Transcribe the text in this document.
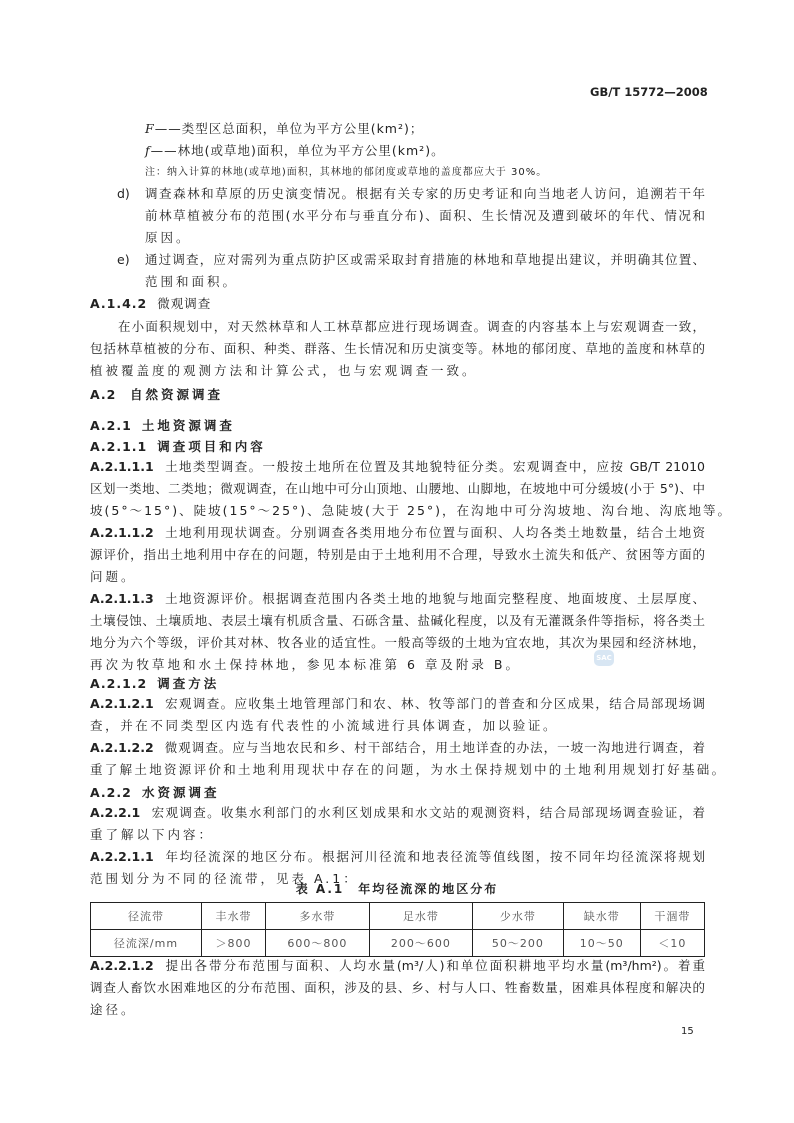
GB/T 15772—2008
F——类型区总面积，单位为平方公里(km²)；
f——林地(或草地)面积，单位为平方公里(km²)。
注：纳入计算的林地(或草地)面积，其林地的郁闭度或草地的盖度都应大于 30%。
d) 调查森林和草原的历史演变情况。根据有关专家的历史考证和向当地老人访问，追溯若干年
前林草植被分布的范围(水平分布与垂直分布)、面积、生长情况及遭到破坏的年代、情况和
原因。
e) 通过调查，应对需列为重点防护区或需采取封育措施的林地和草地提出建议，并明确其位置、
范围和面积。
A.1.4.2 微观调查
在小面积规划中，对天然林草和人工林草都应进行现场调查。调查的内容基本上与宏观调查一致，
包括林草植被的分布、面积、种类、群落、生长情况和历史演变等。林地的郁闭度、草地的盖度和林草的
植被覆盖度的观测方法和计算公式，也与宏观调查一致。
A.2 自然资源调查
A.2.1 土地资源调查
A.2.1.1 调查项目和内容
A.2.1.1.1 土地类型调查。一般按土地所在位置及其地貌特征分类。宏观调查中，应按 GB/T 21010
区划一类地、二类地；微观调查，在山地中可分山顶地、山腰地、山脚地，在坡地中可分缓坡(小于 5°)、中
坡(5°～15°)、陡坡(15°～25°)、急陡坡(大于 25°)，在沟地中可分沟坡地、沟台地、沟底地等。
A.2.1.1.2 土地利用现状调查。分别调查各类用地分布位置与面积、人均各类土地数量，结合土地资
源评价，指出土地利用中存在的问题，特别是由于土地利用不合理，导致水土流失和低产、贫困等方面的
问题。
A.2.1.1.3 土地资源评价。根据调查范围内各类土地的地貌与地面完整程度、地面坡度、土层厚度、
土壤侵蚀、土壤质地、表层土壤有机质含量、石砾含量、盐碱化程度，以及有无灌溉条件等指标，将各类土
地分为六个等级，评价其对林、牧各业的适宜性。一般高等级的土地为宜农地，其次为果园和经济林地，
再次为牧草地和水土保持林地，参见本标准第 6 章及附录 B。	SAC
A.2.1.2 调查方法
A.2.1.2.1 宏观调查。应收集土地管理部门和农、林、牧等部门的普查和分区成果，结合局部现场调
查，并在不同类型区内选有代表性的小流域进行具体调查，加以验证。
A.2.1.2.2 微观调查。应与当地农民和乡、村干部结合，用土地详查的办法，一坡一沟地进行调查，着
重了解土地资源评价和土地利用现状中存在的问题，为水土保持规划中的土地利用规划打好基础。
A.2.2 水资源调查
A.2.2.1 宏观调查。收集水利部门的水利区划成果和水文站的观测资料，结合局部现场调查验证，着
重了解以下内容：
A.2.2.1.1 年均径流深的地区分布。根据河川径流和地表径流等值线图，按不同年均径流深将规划
范围划分为不同的径流带，见表 A.1：
表 A.1　年均径流深的地区分布
径流带	丰水带	多水带	足水带	少水带	缺水带	干涸带
径流深/mm	＞800	600～800	200～600	50～200	10～50	＜10
A.2.2.1.2 提出各带分布范围与面积、人均水量(m³/人)和单位面积耕地平均水量(m³/hm²)。着重
调查人畜饮水困难地区的分布范围、面积，涉及的县、乡、村与人口、牲畜数量，困难具体程度和解决的
途径。
15
